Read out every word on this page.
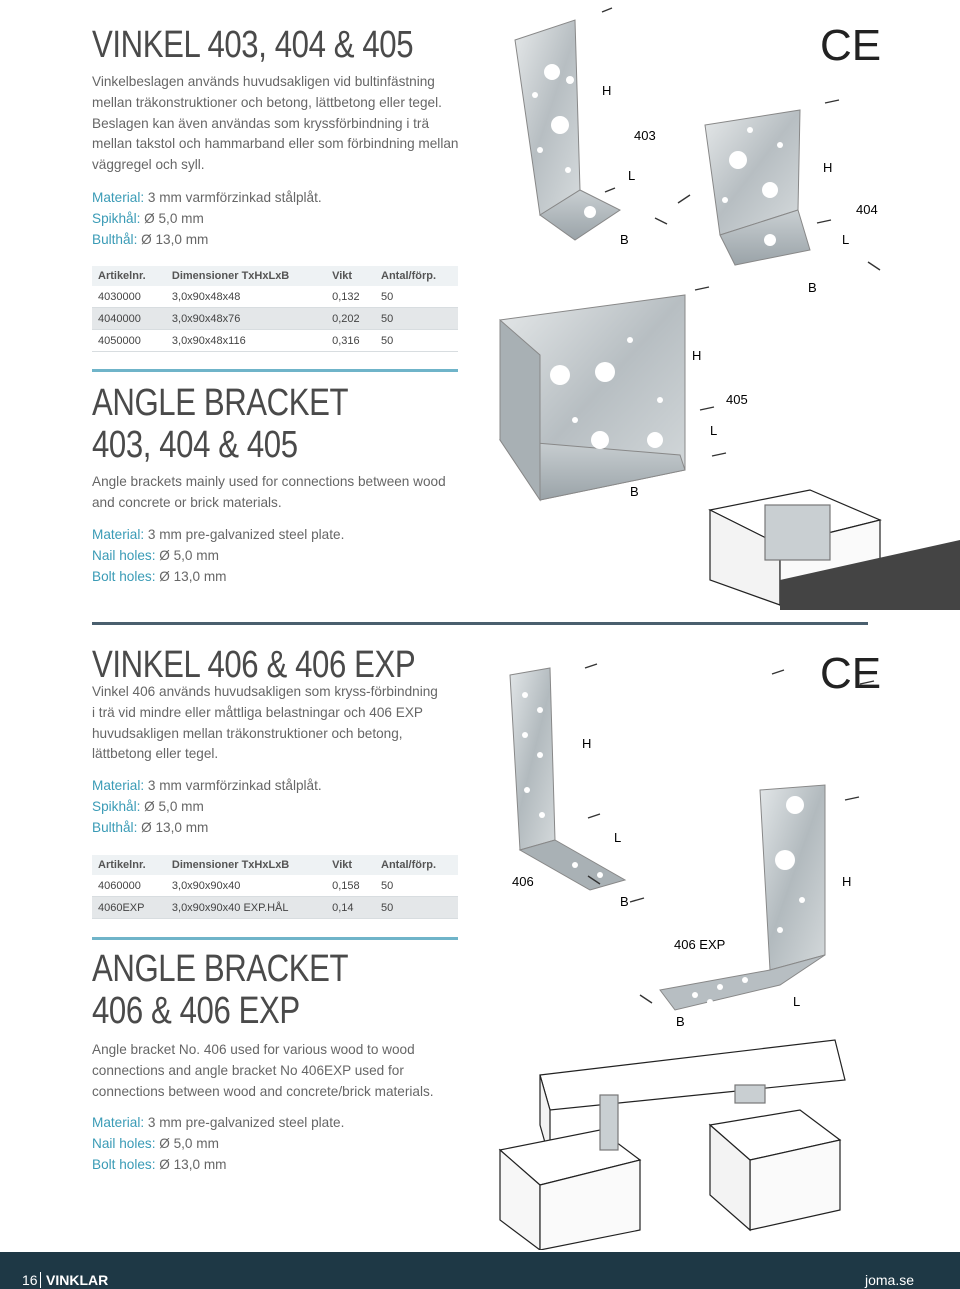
VINKEL 403, 404 & 405

Vinkelbeslagen används huvudsakligen vid bultinfästning mellan träkonstruktioner och betong, lättbetong eller tegel. Beslagen kan även användas som kryssförbindning i trä mellan takstol och hammarband eller som förbindning mellan väggregel och syll.

Material: 3 mm varmförzinkad stålplåt.

Spikhål: Ø 5,0 mm

Bulthål: Ø 13,0 mm

Artikelnr.	Dimensioner TxHxLxB	Vikt	Antal/förp.
4030000	3,0x90x48x48	0,132	50
4040000	3,0x90x48x76	0,202	50
4050000	3,0x90x48x116	0,316	50
ANGLE BRACKET
403, 404 & 405

Angle brackets mainly used for connections between wood and concrete or brick materials.

Material: 3 mm pre-galvanized steel plate.

Nail holes: Ø 5,0 mm

Bolt holes: Ø 13,0 mm

CE
H
L
B
403
H
L
404
B
H
L
B
405
VINKEL 406 & 406 EXP

Vinkel 406 används huvudsakligen som kryss-förbindning i trä vid mindre eller måttliga belastningar och 406 EXP huvudsakligen mellan träkonstruktioner och betong, lättbetong eller tegel.

Material: 3 mm varmförzinkad stålplåt.

Spikhål: Ø 5,0 mm

Bulthål: Ø 13,0 mm

Artikelnr.	Dimensioner TxHxLxB	Vikt	Antal/förp.
4060000	3,0x90x90x40	0,158	50
4060EXP	3,0x90x90x40 EXP.HÅL	0,14	50
ANGLE BRACKET
406 & 406 EXP

Angle bracket No. 406 used for various wood to wood connections and angle bracket No 406EXP used for connections between wood and concrete/brick materials.

Material: 3 mm pre-galvanized steel plate.

Nail holes: Ø 5,0 mm

Bolt holes: Ø 13,0 mm

CE
H
L
B
406	H
406 EXP
L
B
16 VINKLAR	joma.se
